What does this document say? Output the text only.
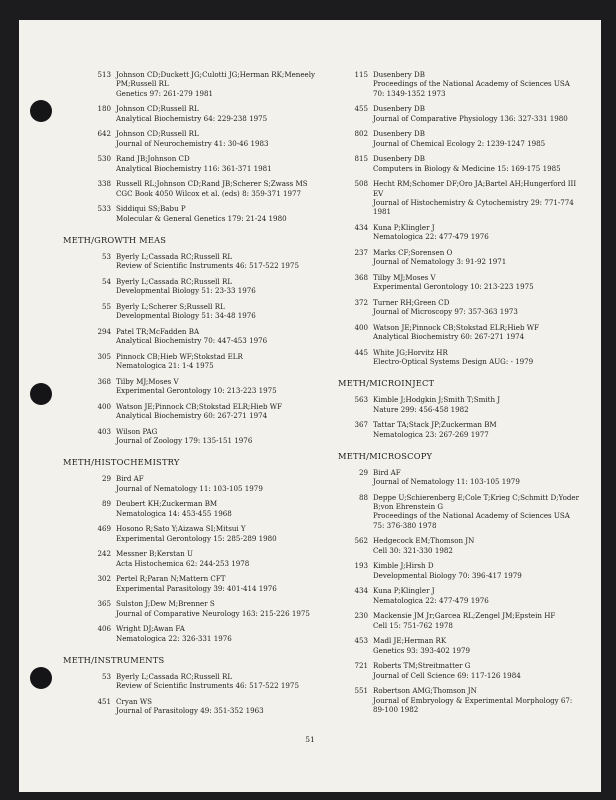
513 Johnson CD;Duckett JG;Culotti JG;Herman RK;Meneely
PM;Russell RL
Genetics 97: 261-279 1981
180 Johnson CD;Russell RL
Analytical Biochemistry 64: 229-238 1975
642 Johnson CD;Russell RL
Journal of Neurochemistry 41: 30-46 1983
530 Rand JB;Johnson CD
Analytical Biochemistry 116: 361-371 1981
338 Russell RL;Johnson CD;Rand JB;Scherer S;Zwass MS
CGC Book 4050 Wilcox et al. (eds) 8: 359-371 1977
533 Siddiqui SS;Babu P
Molecular & General Genetics 179: 21-24 1980
METH/GROWTH MEAS
53 Byerly L;Cassada RC;Russell RL
Review of Scientific Instruments 46: 517-522 1975
54 Byerly L;Cassada RC;Russell RL
Developmental Biology 51: 23-33 1976
55 Byerly L;Scherer S;Russell RL
Developmental Biology 51: 34-48 1976
294 Patel TR;McFadden BA
Analytical Biochemistry 70: 447-453 1976
305 Pinnock CB;Hieb WF;Stokstad ELR
Nematologica 21: 1-4 1975
368 Tilby MJ;Moses V
Experimental Gerontology 10: 213-223 1975
400 Watson JE;Pinnock CB;Stokstad ELR;Hieb WF
Analytical Biochemistry 60: 267-271 1974
403 Wilson PAG
Journal of Zoology 179: 135-151 1976
METH/HISTOCHEMISTRY
29 Bird AF
Journal of Nematology 11: 103-105 1979
89 Deubert KH;Zuckerman BM
Nematologica 14: 453-455 1968
469 Hosono R;Sato Y;Aizawa SI;Mitsui Y
Experimental Gerontology 15: 285-289 1980
242 Messner B;Kerstan U
Acta Histochemica 62: 244-253 1978
302 Pertel R;Paran N;Mattern CFT
Experimental Parasitology 39: 401-414 1976
365 Sulston J;Dew M;Brenner S
Journal of Comparative Neurology 163: 215-226 1975
406 Wright DJ;Awan FA
Nematologica 22: 326-331 1976
METH/INSTRUMENTS
53 Byerly L;Cassada RC;Russell RL
Review of Scientific Instruments 46: 517-522 1975
451 Cryan WS
Journal of Parasitology 49: 351-352 1963
115 Dusenbery DB
Proceedings of the National Academy of Sciences USA
70: 1349-1352 1973
455 Dusenbery DB
Journal of Comparative Physiology 136: 327-331 1980
802 Dusenbery DB
Journal of Chemical Ecology 2: 1239-1247 1985
815 Dusenbery DB
Computers in Biology & Medicine 15: 169-175 1985
508 Hecht RM;Schomer DF;Oro JA;Bartel AH;Hungerford III
EV
Journal of Histochemistry & Cytochemistry 29: 771-774
1981
434 Kuna P;Klingler J
Nematologica 22: 477-479 1976
237 Marks CF;Sorensen O
Journal of Nematology 3: 91-92 1971
368 Tilby MJ;Moses V
Experimental Gerontology 10: 213-223 1975
372 Turner RH;Green CD
Journal of Microscopy 97: 357-363 1973
400 Watson JE;Pinnock CB;Stokstad ELR;Hieb WF
Analytical Biochemistry 60: 267-271 1974
445 White JG;Horvitz HR
Electro-Optical Systems Design AUG: - 1979
METH/MICROINJECT
563 Kimble J;Hodgkin J;Smith T;Smith J
Nature 299: 456-458 1982
367 Tattar TA;Stack JP;Zuckerman BM
Nematologica 23: 267-269 1977
METH/MICROSCOPY
29 Bird AF
Journal of Nematology 11: 103-105 1979
88 Deppe U;Schierenberg E;Cole T;Krieg C;Schmitt D;Yoder
B;von Ehrenstein G
Proceedings of the National Academy of Sciences USA
75: 376-380 1978
562 Hedgecock EM;Thomson JN
Cell 30: 321-330 1982
193 Kimble J;Hirsh D
Developmental Biology 70: 396-417 1979
434 Kuna P;Klingler J
Nematologica 22: 477-479 1976
230 Mackensie JM Jr;Garcea RL;Zengel JM;Epstein HF
Cell 15: 751-762 1978
453 Madl JE;Herman RK
Genetics 93: 393-402 1979
721 Roberts TM;Streitmatter G
Journal of Cell Science 69: 117-126 1984
551 Robertson AMG;Thomson JN
Journal of Embryology & Experimental Morphology 67:
89-100 1982
51
